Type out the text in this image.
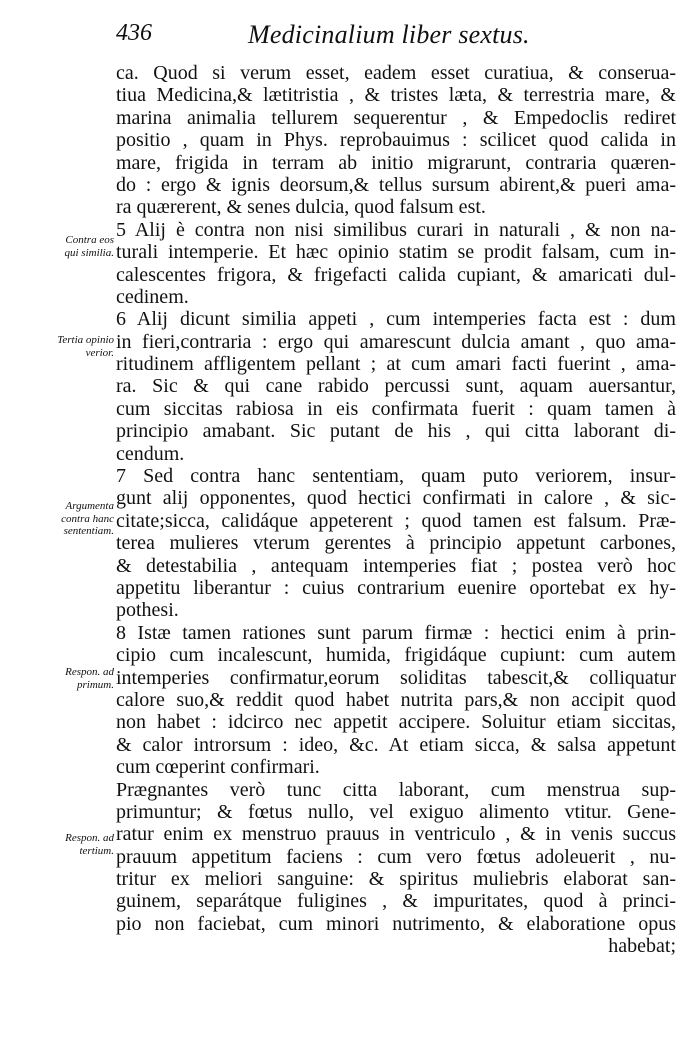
436	Medicinalium liber sextus.
Contra eos
qui similia.
Tertia opinio
verior.
Argumenta
contra hanc
sententiam.
Respon. ad
primum.
Respon. ad
tertium.
ca. Quod si verum esset, eadem esset curatiua, & conserua-
tiua Medicina,& lætitristia , & tristes læta, & terrestria mare, &
marina animalia tellurem sequerentur , & Empedoclis rediret
positio , quam in Phys. reprobauimus : scilicet quod calida in
mare, frigida in terram ab initio migrarunt, contraria quæren-
do : ergo & ignis deorsum,& tellus sursum abirent,& pueri ama-
ra quærerent, & senes dulcia, quod falsum est.
5 Alij è contra non nisi similibus curari in naturali , & non na-
turali intemperie. Et hæc opinio statim se prodit falsam, cum in-
calescentes frigora, & frigefacti calida cupiant, & amaricati dul-
cedinem.
6 Alij dicunt similia appeti , cum intemperies facta est : dum
in fieri,contraria : ergo qui amarescunt dulcia amant , quo ama-
ritudinem affligentem pellant ; at cum amari facti fuerint , ama-
ra. Sic & qui cane rabido percussi sunt, aquam auersantur,
cum siccitas rabiosa in eis confirmata fuerit : quam tamen à
principio amabant. Sic putant de his , qui citta laborant di-
cendum.
7 Sed contra hanc sententiam, quam puto veriorem, insur-
gunt alij opponentes, quod hectici confirmati in calore , & sic-
citate;sicca, calidáque appeterent ; quod tamen est falsum. Præ-
terea mulieres vterum gerentes à principio appetunt carbones,
& detestabilia , antequam intemperies fiat ; postea verò hoc
appetitu liberantur : cuius contrarium euenire oportebat ex hy-
pothesi.
8 Istæ tamen rationes sunt parum firmæ : hectici enim à prin-
cipio cum incalescunt, humida, frigidáque cupiunt: cum autem
intemperies confirmatur,eorum soliditas tabescit,& colliquatur
calore suo,& reddit quod habet nutrita pars,& non accipit quod
non habet : idcirco nec appetit accipere. Soluitur etiam siccitas,
& calor introrsum : ideo, &c. At etiam sicca, & salsa appetunt
cum cœperint confirmari.
Prægnantes verò tunc citta laborant, cum menstrua sup-
primuntur; & fœtus nullo, vel exiguo alimento vtitur. Gene-
ratur enim ex menstruo prauus in ventriculo , & in venis succus
prauum appetitum faciens : cum vero fœtus adoleuerit , nu-
tritur ex meliori sanguine: & spiritus muliebris elaborat san-
guinem, separátque fuligines , & impuritates, quod à princi-
pio non faciebat, cum minori nutrimento, & elaboratione opus
habebat;
